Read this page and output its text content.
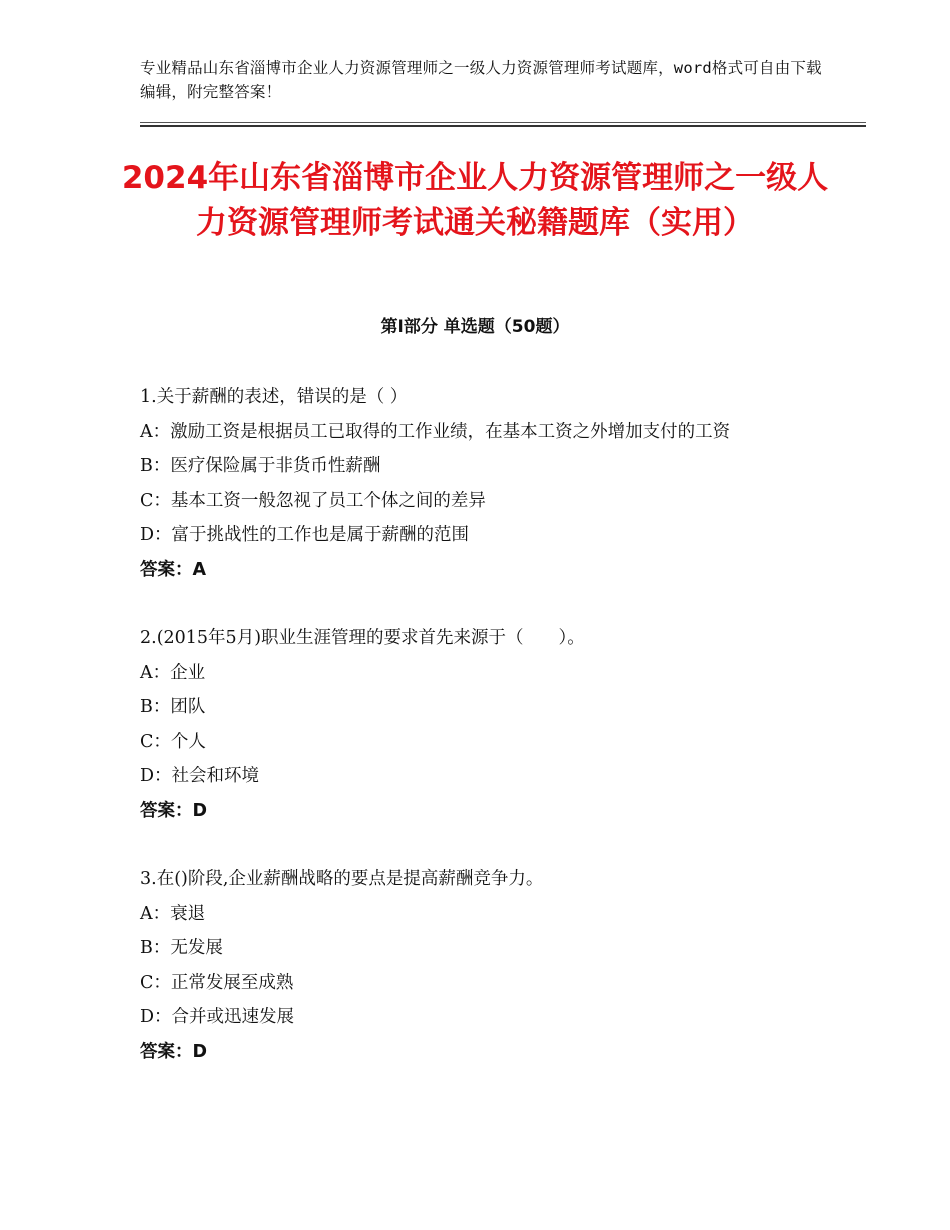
专业精品山东省淄博市企业人力资源管理师之一级人力资源管理师考试题库，word格式可自由下载编辑，附完整答案！
2024年山东省淄博市企业人力资源管理师之一级人力资源管理师考试通关秘籍题库（实用）
第Ⅰ部分 单选题（50题）
1.关于薪酬的表述，错误的是（ ）
A：激励工资是根据员工已取得的工作业绩，在基本工资之外增加支付的工资
B：医疗保险属于非货币性薪酬
C：基本工资一般忽视了员工个体之间的差异
D：富于挑战性的工作也是属于薪酬的范围
答案：A
2.(2015年5月)职业生涯管理的要求首先来源于（　　）。
A：企业
B：团队
C：个人
D：社会和环境
答案：D
3.在()阶段,企业薪酬战略的要点是提高薪酬竞争力。
A：衰退
B：无发展
C：正常发展至成熟
D：合并或迅速发展
答案：D
